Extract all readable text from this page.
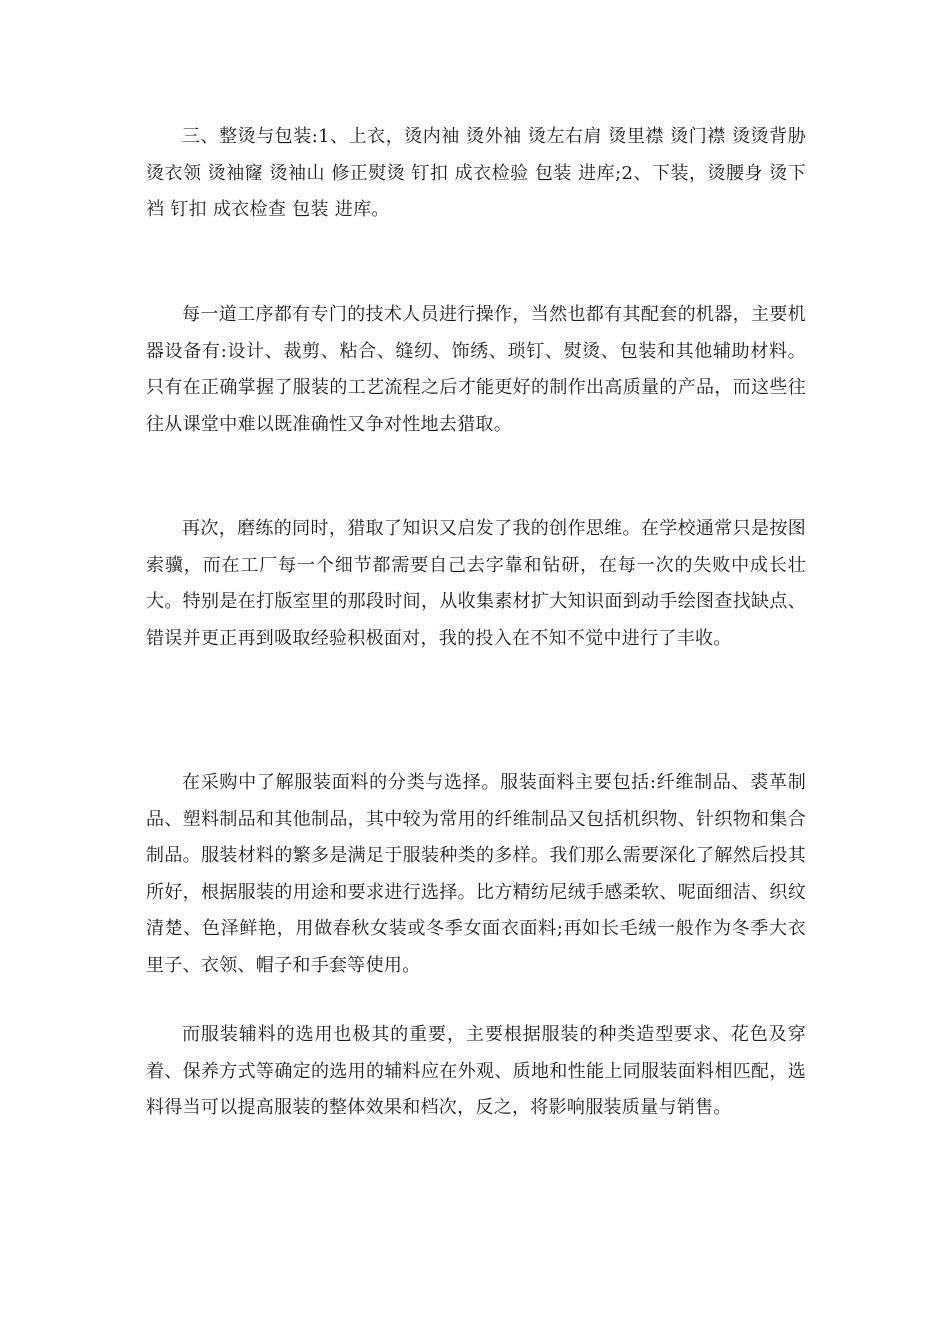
三、整烫与包装:1、上衣，烫内袖 烫外袖 烫左右肩 烫里襟 烫门襟 烫烫背胁 烫衣领 烫袖窿 烫袖山 修正熨烫 钉扣 成衣检验 包装 进库;2、下装，烫腰身 烫下裆 钉扣 成衣检查 包装 进库。

每一道工序都有专门的技术人员进行操作，当然也都有其配套的机器，主要机器设备有:设计、裁剪、粘合、缝纫、饰绣、琐钉、熨烫、包装和其他辅助材料。只有在正确掌握了服装的工艺流程之后才能更好的制作出高质量的产品，而这些往往从课堂中难以既准确性又争对性地去猎取。

再次，磨练的同时，猎取了知识又启发了我的创作思维。在学校通常只是按图索骥，而在工厂每一个细节都需要自己去字靠和钻研，在每一次的失败中成长壮大。特别是在打版室里的那段时间，从收集素材扩大知识面到动手绘图查找缺点、错误并更正再到吸取经验积极面对，我的投入在不知不觉中进行了丰收。

在采购中了解服装面料的分类与选择。服装面料主要包括:纤维制品、裘革制品、塑料制品和其他制品，其中较为常用的纤维制品又包括机织物、针织物和集合制品。服装材料的繁多是满足于服装种类的多样。我们那么需要深化了解然后投其所好，根据服装的用途和要求进行选择。比方精纺尼绒手感柔软、呢面细洁、织纹清楚、色泽鲜艳，用做春秋女装或冬季女面衣面料;再如长毛绒一般作为冬季大衣里子、衣领、帽子和手套等使用。

而服装辅料的选用也极其的重要，主要根据服装的种类造型要求、花色及穿着、保养方式等确定的选用的辅料应在外观、质地和性能上同服装面料相匹配，选料得当可以提高服装的整体效果和档次，反之，将影响服装质量与销售。
